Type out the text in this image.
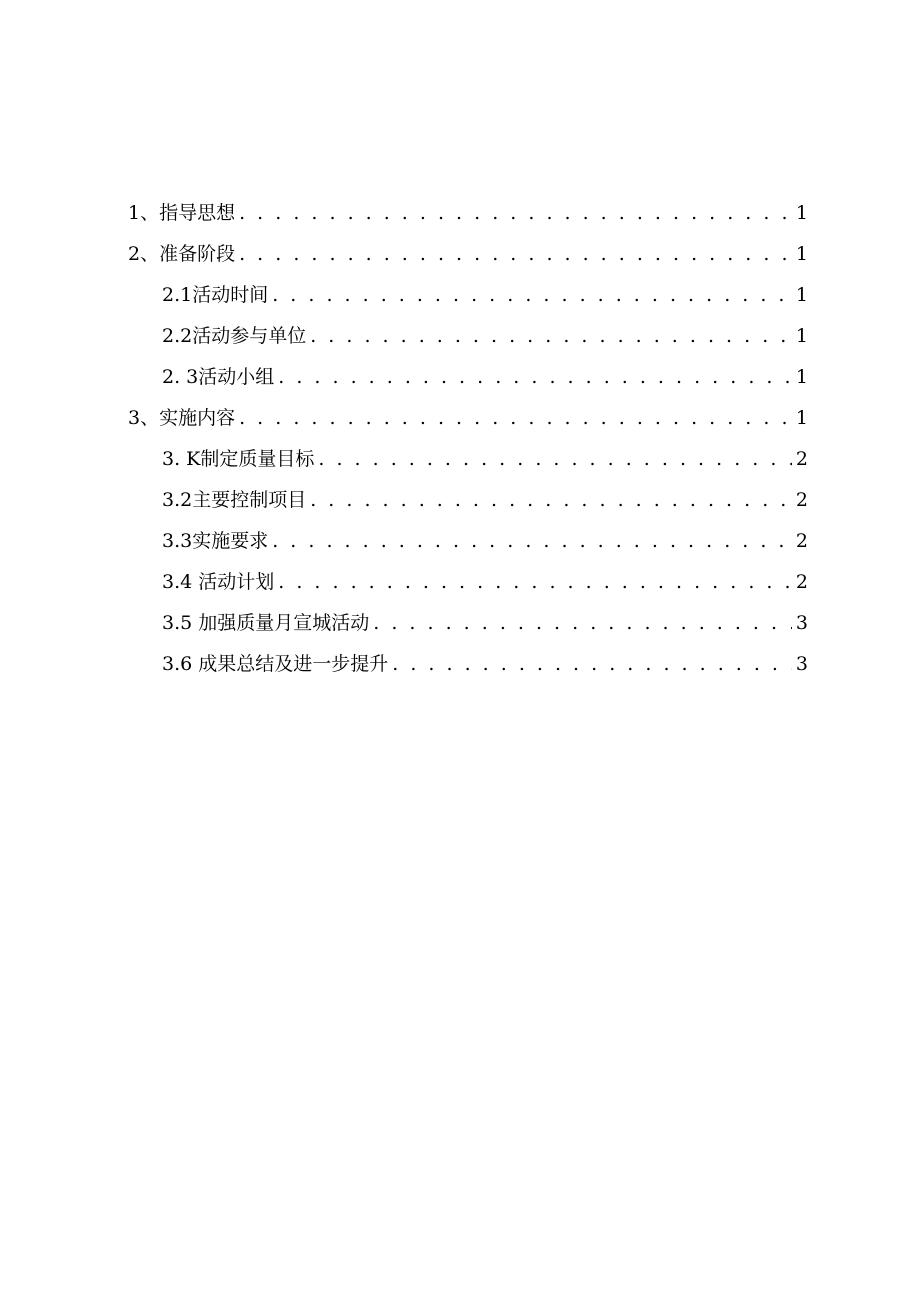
1、指导思想 . . .	1
2、准备阶段 . . .	1
2.1活动时间 . . .	1
2.2活动参与单位 . . .	1
2. 3活动小组 . . .	1
3、实施内容 . . .	1
3. K制定质量目标 . . .	2
3.2主要控制项目 . . .	2
3.3实施要求 . . .	2
3.4 活动计划 . . .	2
3.5 加强质量月宣城活动 . . .	3
3.6 成果总结及进一步提升 . . .	3
